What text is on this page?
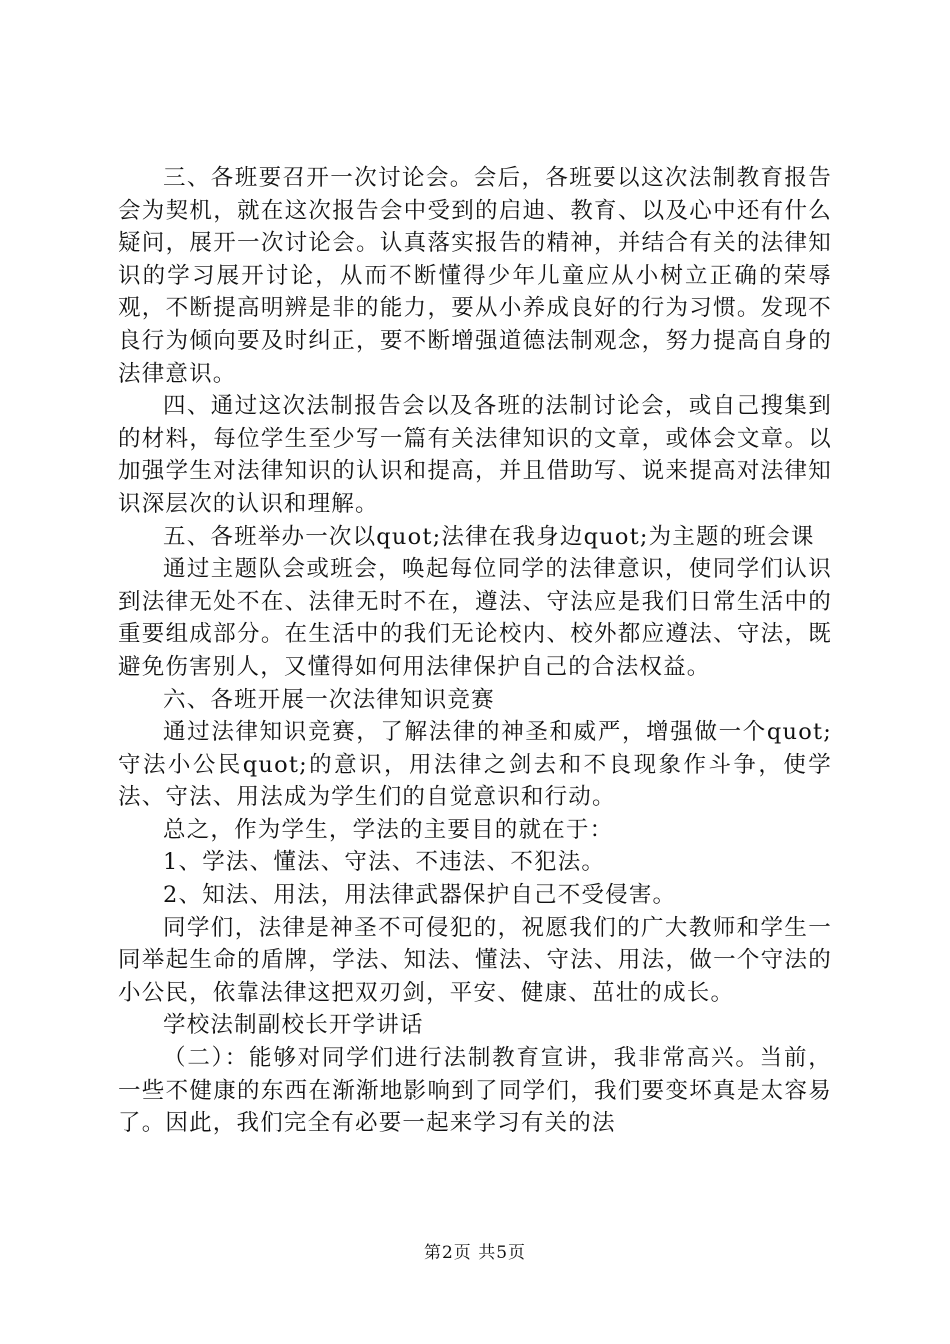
三、各班要召开一次讨论会。会后，各班要以这次法制教育报告会为契机，就在这次报告会中受到的启迪、教育、以及心中还有什么疑问，展开一次讨论会。认真落实报告的精神，并结合有关的法律知识的学习展开讨论，从而不断懂得少年儿童应从小树立正确的荣辱观，不断提高明辨是非的能力，要从小养成良好的行为习惯。发现不良行为倾向要及时纠正，要不断增强道德法制观念，努力提高自身的法律意识。

四、通过这次法制报告会以及各班的法制讨论会，或自己搜集到的材料，每位学生至少写一篇有关法律知识的文章，或体会文章。以加强学生对法律知识的认识和提高，并且借助写、说来提高对法律知识深层次的认识和理解。

五、各班举办一次以quot;法律在我身边quot;为主题的班会课

通过主题队会或班会，唤起每位同学的法律意识，使同学们认识到法律无处不在、法律无时不在，遵法、守法应是我们日常生活中的重要组成部分。在生活中的我们无论校内、校外都应遵法、守法，既避免伤害别人，又懂得如何用法律保护自己的合法权益。

六、各班开展一次法律知识竞赛

通过法律知识竞赛，了解法律的神圣和威严，增强做一个quot;守法小公民quot;的意识，用法律之剑去和不良现象作斗争，使学法、守法、用法成为学生们的自觉意识和行动。

总之，作为学生，学法的主要目的就在于：

1、学法、懂法、守法、不违法、不犯法。

2、知法、用法，用法律武器保护自己不受侵害。

同学们，法律是神圣不可侵犯的，祝愿我们的广大教师和学生一同举起生命的盾牌，学法、知法、懂法、守法、用法，做一个守法的小公民，依靠法律这把双刃剑，平安、健康、茁壮的成长。

学校法制副校长开学讲话

（二）：能够对同学们进行法制教育宣讲，我非常高兴。当前，一些不健康的东西在渐渐地影响到了同学们，我们要变坏真是太容易了。因此，我们完全有必要一起来学习有关的法

第2页 共5页
